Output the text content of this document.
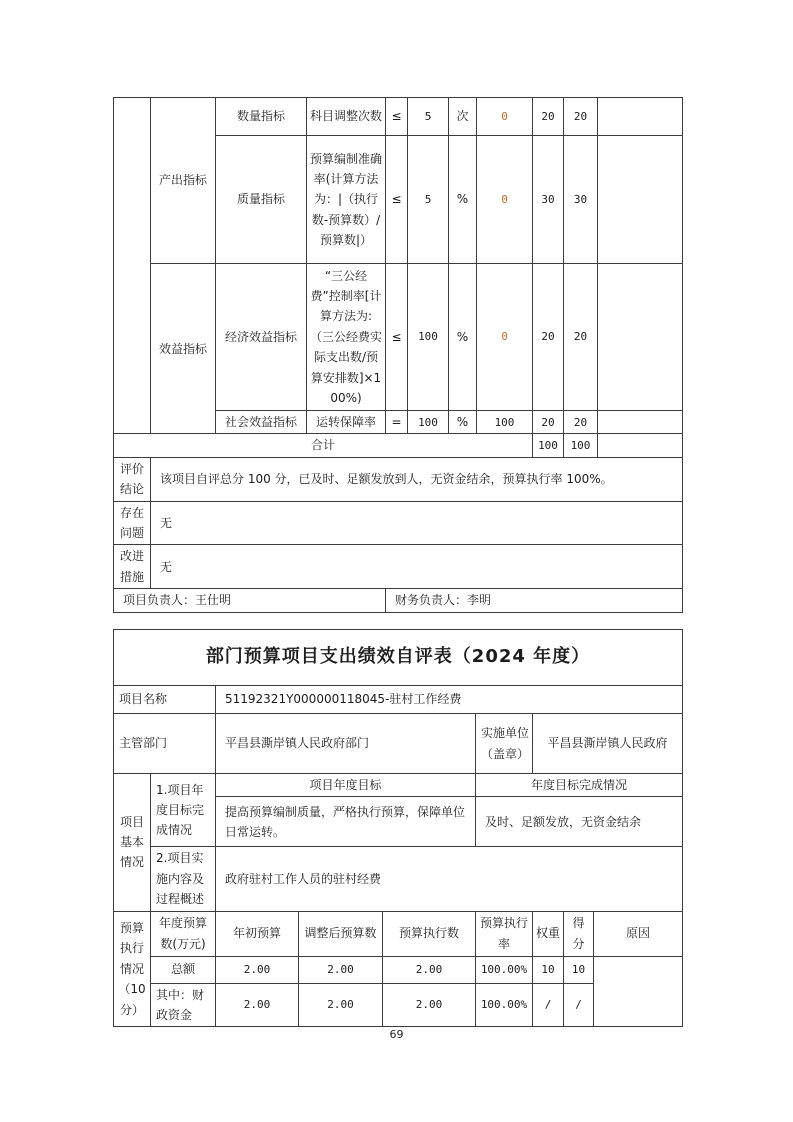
	产出指标	数量指标	科目调整次数	≤	5	次	0	20	20	
		质量指标	预算编制准确率(计算方法为：|（执行数-预算数）/预算数|）	≤	5	%	0	30	30	
	效益指标	经济效益指标	“三公经费”控制率[计算方法为:（三公经费实际支出数/预算安排数]×100%)	≤	100	%	0	20	20	
		社会效益指标	运转保障率	=	100	%	100	20	20	
合计								100	100	
评价结论	该项目自评总分 100 分，已及时、足额发放到人，无资金结余，预算执行率 100%。									
存在问题	无									
改进措施	无									
项目负责人：王仕明				财务负责人：李明						
部门预算项目支出绩效自评表（2024 年度）								
项目名称		51192321Y000000118045-驻村工作经费						
主管部门		平昌县澌岸镇人民政府部门			实施单位（盖章）	平昌县澌岸镇人民政府		
项目基本情况	1.项目年度目标完成情况	项目年度目标			年度目标完成情况			
		提高预算编制质量，严格执行预算，保障单位日常运转。			及时、足额发放，无资金结余			
	2.项目实施内容及过程概述	政府驻村工作人员的驻村经费						
预算执行情况（10 分）	年度预算数(万元)	年初预算	调整后预算数	预算执行数	预算执行率	权重	得分	原因
	总额	2.00	2.00	2.00	100.00%	10	10	
	其中：财政资金	2.00	2.00	2.00	100.00%	/	/	
69
